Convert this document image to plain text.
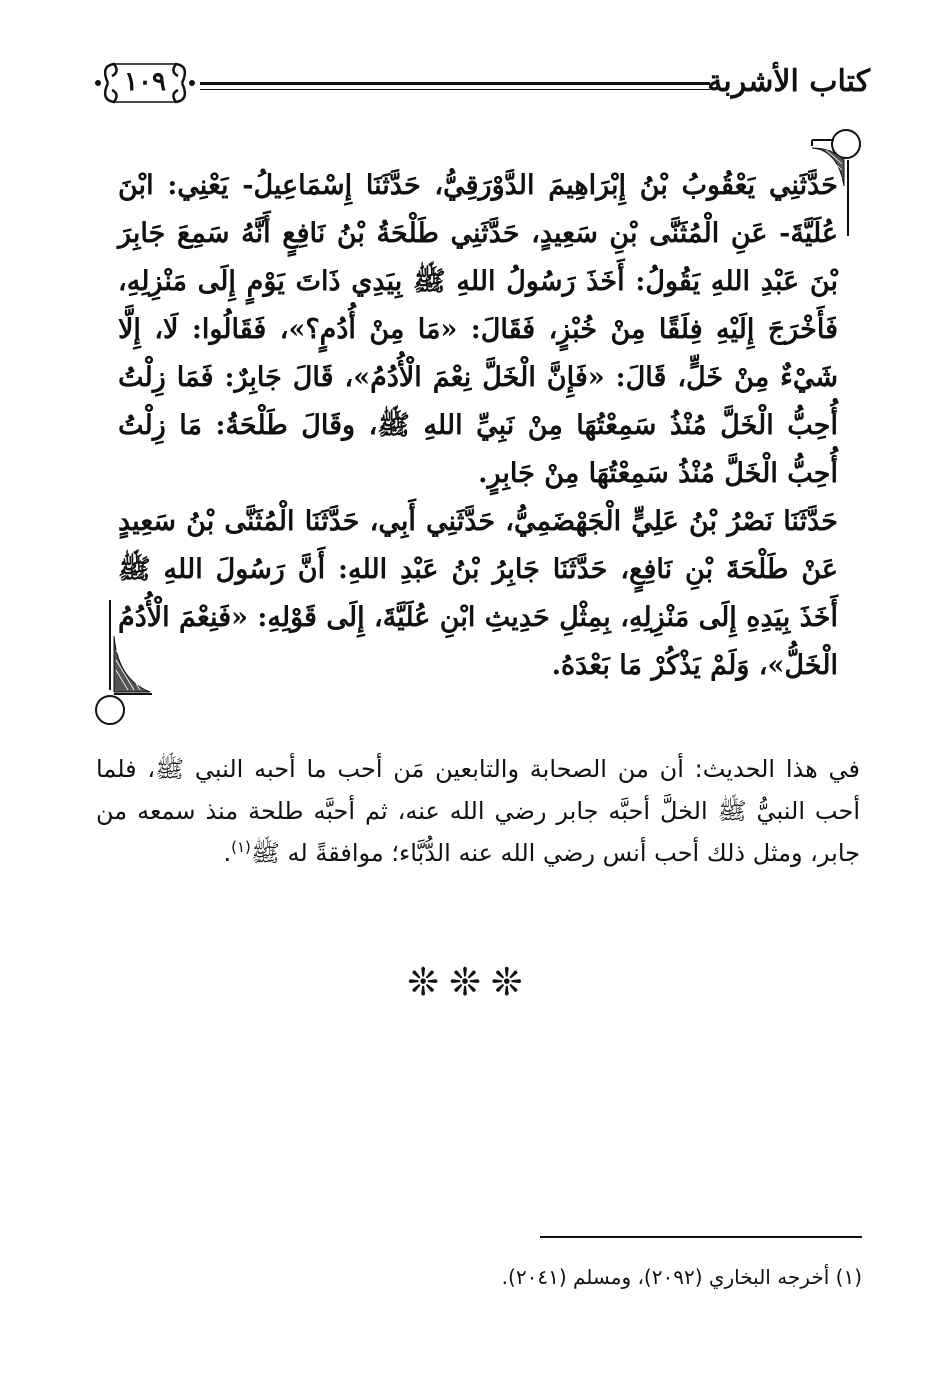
كتاب الأشربة
١٠٩

حَدَّثَنِي يَعْقُوبُ بْنُ إِبْرَاهِيمَ الدَّوْرَقِيُّ، حَدَّثَنَا إِسْمَاعِيلُ- يَعْنِي: ابْنَ عُلَيَّةَ- عَنِ الْمُثَنَّى بْنِ سَعِيدٍ، حَدَّثَنِي طَلْحَةُ بْنُ نَافِعٍ أَنَّهُ سَمِعَ جَابِرَ بْنَ عَبْدِ اللهِ يَقُولُ: أَخَذَ رَسُولُ اللهِ ﷺ بِيَدِي ذَاتَ يَوْمٍ إِلَى مَنْزِلِهِ، فَأَخْرَجَ إِلَيْهِ فِلَقًا مِنْ خُبْزٍ، فَقَالَ: «مَا مِنْ أُدُمٍ؟»، فَقَالُوا: لَا، إِلَّا شَيْءٌ مِنْ خَلٍّ، قَالَ: «فَإِنَّ الْخَلَّ نِعْمَ الْأُدُمُ»، قَالَ جَابِرٌ: فَمَا زِلْتُ أُحِبُّ الْخَلَّ مُنْذُ سَمِعْتُهَا مِنْ نَبِيِّ اللهِ ﷺ، وقَالَ طَلْحَةُ: مَا زِلْتُ أُحِبُّ الْخَلَّ مُنْذُ سَمِعْتُهَا مِنْ جَابِرٍ.

حَدَّثَنَا نَصْرُ بْنُ عَلِيٍّ الْجَهْضَمِيُّ، حَدَّثَنِي أَبِي، حَدَّثَنَا الْمُثَنَّى بْنُ سَعِيدٍ عَنْ طَلْحَةَ بْنِ نَافِعٍ، حَدَّثَنَا جَابِرُ بْنُ عَبْدِ اللهِ: أَنَّ رَسُولَ اللهِ ﷺ أَخَذَ بِيَدِهِ إِلَى مَنْزِلِهِ، بِمِثْلِ حَدِيثِ ابْنِ عُلَيَّةَ، إِلَى قَوْلِهِ: «فَنِعْمَ الْأُدُمُ الْخَلُّ»، وَلَمْ يَذْكُرْ مَا بَعْدَهُ.

في هذا الحديث: أن من الصحابة والتابعين مَن أحب ما أحبه النبي ﷺ، فلما أحب النبيُّ ﷺ الخلَّ أحبَّه جابر رضي الله عنه، ثم أحبَّه طلحة منذ سمعه من جابر، ومثل ذلك أحب أنس رضي الله عنه الدُّبَّاء؛ موافقةً له ﷺ$^{(١)}$.

❊❊❊
(١) أخرجه البخاري (٢٠٩٢)، ومسلم (٢٠٤١).
